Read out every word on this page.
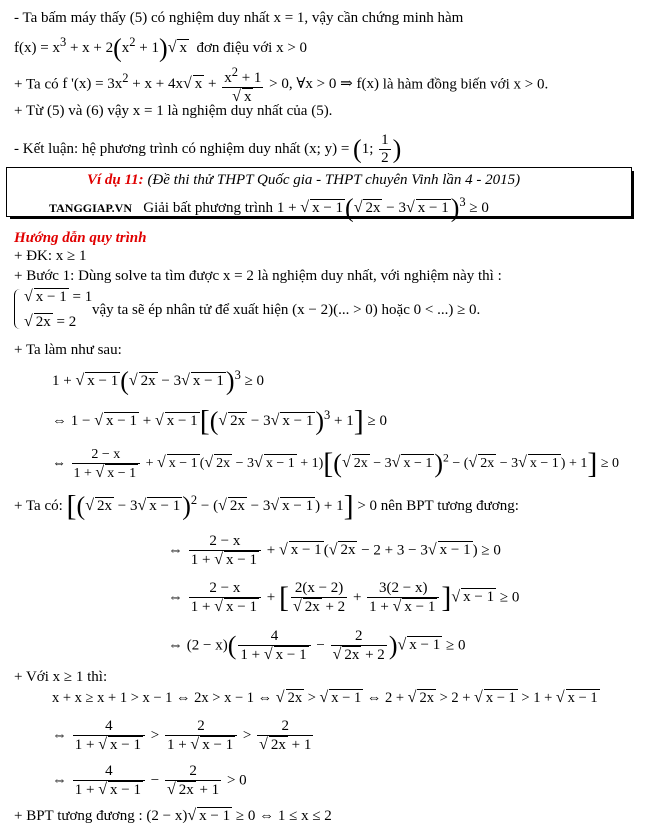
- Ta bấm máy thấy (5) có nghiệm duy nhất x = 1, vậy cần chứng minh hàm
$f(x) = x^3 + x + 2(x^2 + 1)√$ x đơn điệu với x > 0
+ Ta có f '$(x) = 3x^2 + x + 4x√$ $x + \frac{x^2 + 1}{√ x} > 0$, ∀x > 0 ⇒ f(x) là hàm đồng biến với x > 0.
+ Từ (5) và (6) vậy x = 1 là nghiệm duy nhất của (5).
- Kết luận: hệ phương trình có nghiệm duy nhất (x; y) = (1; $\frac{1}{2}$ )
Ví dụ 11: (Đề thi thử THPT Quốc gia - THPT chuyên Vinh lần 4 - 2015)
TANGGIAP.VN Giải bất phương trình 1 + √ x − 1(√ 2x − 3√ x − 1)$^3$ ≥ 0
Hướng dẫn quy trình
+ ĐK: x ≥ 1
+ Bước 1: Dùng solve ta tìm được x = 2 là nghiệm duy nhất, với nghiệm này thì :
√ x − 1 = 1
√ 2x = 2
vậy ta sẽ ép nhân tử để xuất hiện (x − 2)(... > 0) hoặc 0 < ...) ≥ 0.
+ Ta làm như sau:
1 + √ x − 1(√ 2x − 3√ x − 1)$^3$ ≥ 0
⇔ 1 − √ x − 1 + √ x − 1[(√ 2x − 3√ x − 1)$^3$ + 1] ≥ 0
⇔ $\frac{2 - x}{1 + √ x - 1}$ + √ x − 1 (√ 2x − 3√ x − 1 + 1)[(√ 2x − 3√ x − 1)$^2$ − (√ 2x − 3√ x − 1 ) + 1] ≥ 0
+ Ta có: [(√ 2x − 3√ x − 1)$^2$ − (√ 2x − 3√ x − 1 ) + 1] > 0 nên BPT tương đương:
⇔ $\frac{2 - x}{1 + √ x - 1}$ + √ x − 1 (√ 2x − 2 + 3 − 3√ x − 1 ) ≥ 0
⇔ $\frac{2 - x}{1 + √ x - 1}$ + [ $\frac{2(x - 2)}{√ 2x + 2} + \frac{3(2 - x)}{1 + √ x - 1}$ ]√ x − 1 ≥ 0
⇔ $(2 - x)( \frac{4}{1 + √ x - 1} - \frac{2}{√ 2x + 2}$ )√ x − 1 ≥ 0
+ Với x ≥ 1 thì:
x + x ≥ x + 1 > x − 1 ⇔ 2x > x − 1 ⇔ √ 2x > √ x − 1 ⇔ 2 + √ 2x > 2 + √ x − 1 > 1 + √ x − 1
⇔ $\frac{4}{1 + √ x - 1} > \frac{2}{1 + √ x - 1} > \frac{2}{√ 2x + 1}$
⇔ $\frac{4}{1 + √ x - 1} - \frac{2}{√ 2x + 1} > 0$
+ BPT tương đương : (2 − x)√ x − 1 ≥ 0 ⇔ 1 ≤ x ≤ 2
